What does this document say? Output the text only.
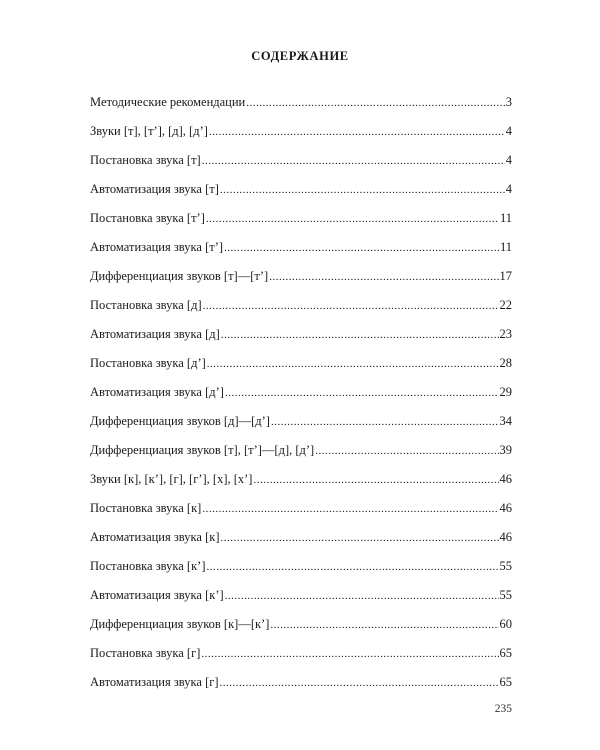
СОДЕРЖАНИЕ
Методические рекомендации .....	3
Звуки [т], [т’], [д], [д’] .....	4
Постановка звука [т] .....	4
Автоматизация звука [т] .....	4
Постановка звука [т’] .....	11
Автоматизация звука [т’] .....	11
Дифференциация звуков [т]—[т’] .....	17
Постановка звука [д] .....	22
Автоматизация звука [д] .....	23
Постановка звука [д’] .....	28
Автоматизация звука [д’] .....	29
Дифференциация звуков [д]—[д’] .....	34
Дифференциация звуков [т], [т’]—[д], [д’] .....	39
Звуки [к], [к’], [г], [г’], [х], [х’] .....	46
Постановка звука [к] .....	46
Автоматизация звука [к] .....	46
Постановка звука [к’] .....	55
Автоматизация звука [к’] .....	55
Дифференциация звуков [к]—[к’] .....	60
Постановка звука [г] .....	65
Автоматизация звука [г] .....	65
235
